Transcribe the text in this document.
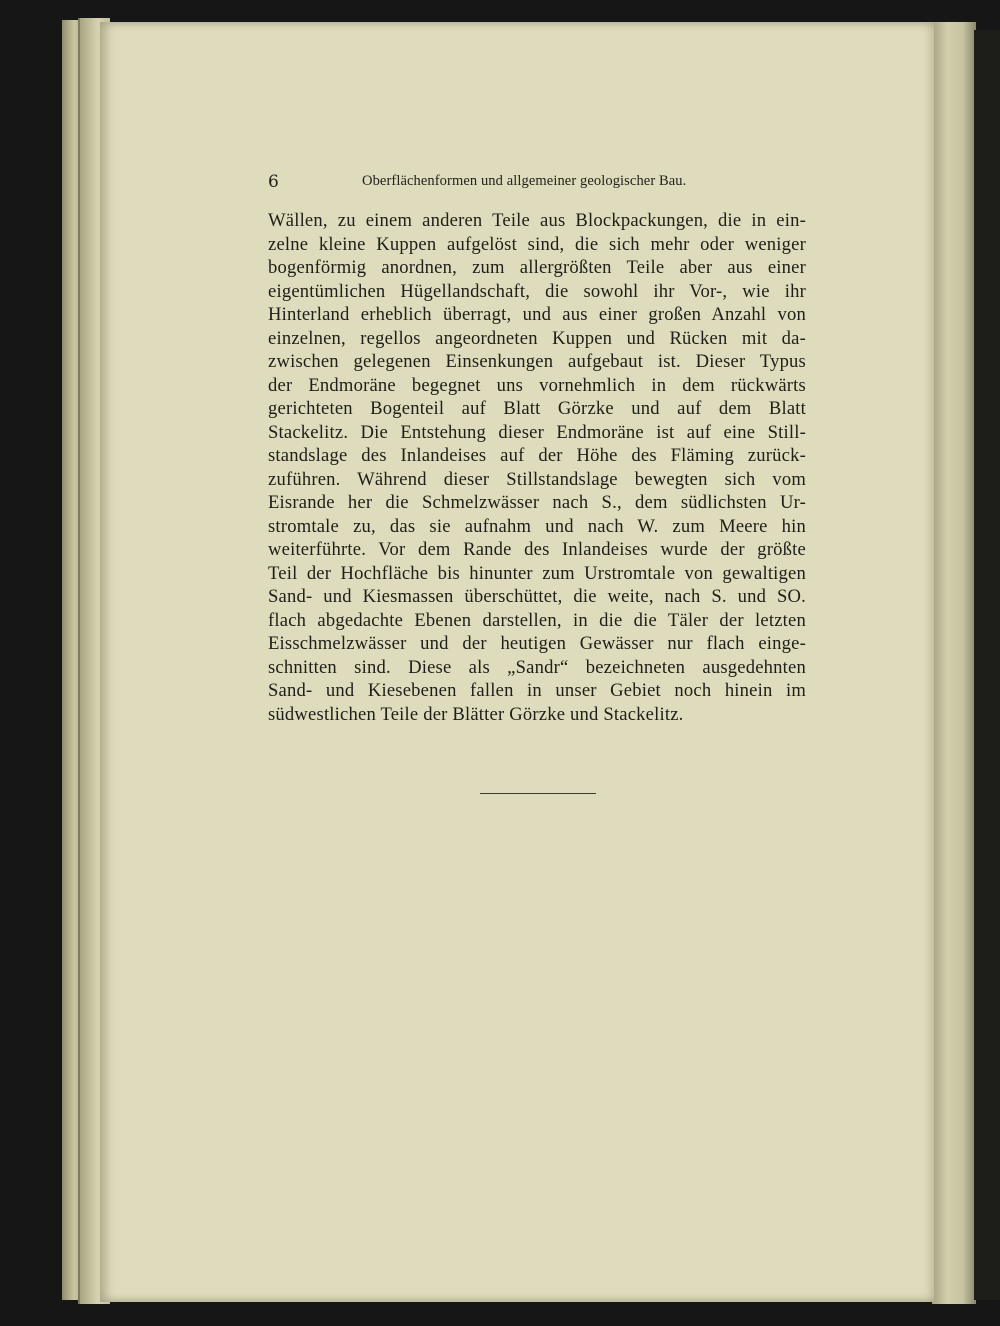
6	Oberflächenformen und allgemeiner geologischer Bau.
Wällen, zu einem anderen Teile aus Blockpackungen, die in ein-
zelne kleine Kuppen aufgelöst sind, die sich mehr oder weniger
bogenförmig anordnen, zum allergrößten Teile aber aus einer
eigentümlichen Hügellandschaft, die sowohl ihr Vor-, wie ihr
Hinterland erheblich überragt, und aus einer großen Anzahl von
einzelnen, regellos angeordneten Kuppen und Rücken mit da-
zwischen gelegenen Einsenkungen aufgebaut ist. Dieser Typus
der Endmoräne begegnet uns vornehmlich in dem rückwärts
gerichteten Bogenteil auf Blatt Görzke und auf dem Blatt
Stackelitz. Die Entstehung dieser Endmoräne ist auf eine Still-
standslage des Inlandeises auf der Höhe des Fläming zurück-
zuführen. Während dieser Stillstandslage bewegten sich vom
Eisrande her die Schmelzwässer nach S., dem südlichsten Ur-
stromtale zu, das sie aufnahm und nach W. zum Meere hin
weiterführte. Vor dem Rande des Inlandeises wurde der größte
Teil der Hochfläche bis hinunter zum Urstromtale von gewaltigen
Sand- und Kiesmassen überschüttet, die weite, nach S. und SO.
flach abgedachte Ebenen darstellen, in die die Täler der letzten
Eisschmelzwässer und der heutigen Gewässer nur flach einge-
schnitten sind. Diese als „Sandr“ bezeichneten ausgedehnten
Sand- und Kiesebenen fallen in unser Gebiet noch hinein im
südwestlichen Teile der Blätter Görzke und Stackelitz.
